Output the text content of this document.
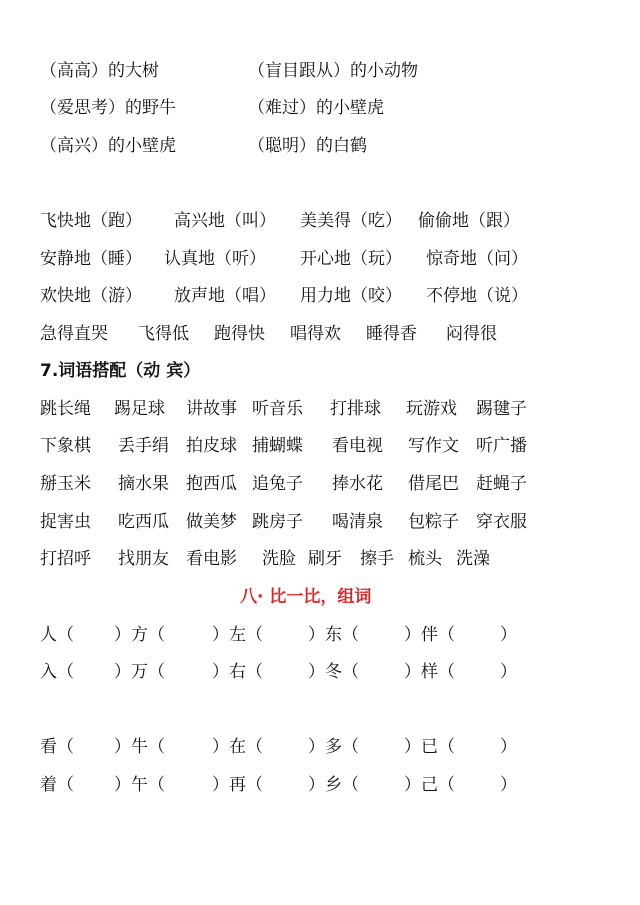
（高高）的大树	（盲目跟从）的小动物
（爱思考）的野牛	（难过）的小壁虎
（高兴）的小壁虎	（聪明）的白鹤
飞快地（跑） 高兴地（叫） 美美得（吃） 偷偷地（跟）
安静地（睡） 认真地（听） 开心地（玩） 惊奇地（问）
欢快地（游） 放声地（唱） 用力地（咬） 不停地（说）
急得直哭 飞得低 跑得快 唱得欢 睡得香 闷得很
7.词语搭配（动 宾）
跳长绳 踢足球 讲故事 听音乐 打排球 玩游戏 踢毽子
下象棋 丢手绢 拍皮球 捕蝴蝶 看电视 写作文 听广播
掰玉米 摘水果 抱西瓜 追兔子 捧水花 借尾巴 赶蝇子
捉害虫 吃西瓜 做美梦 跳房子 喝清泉 包粽子 穿衣服
打招呼 找朋友 看电影 洗脸 刷牙 擦手 梳头 洗澡
八· 比一比，组词
人（ ）方（	）左（	）东（	）伴（	）
入（ ）万（	）右（	）冬（	）样（	）
看（ ）牛（	）在（	）多（	）已（	）
着（ ）午（	）再（	）乡（	）己（	）
